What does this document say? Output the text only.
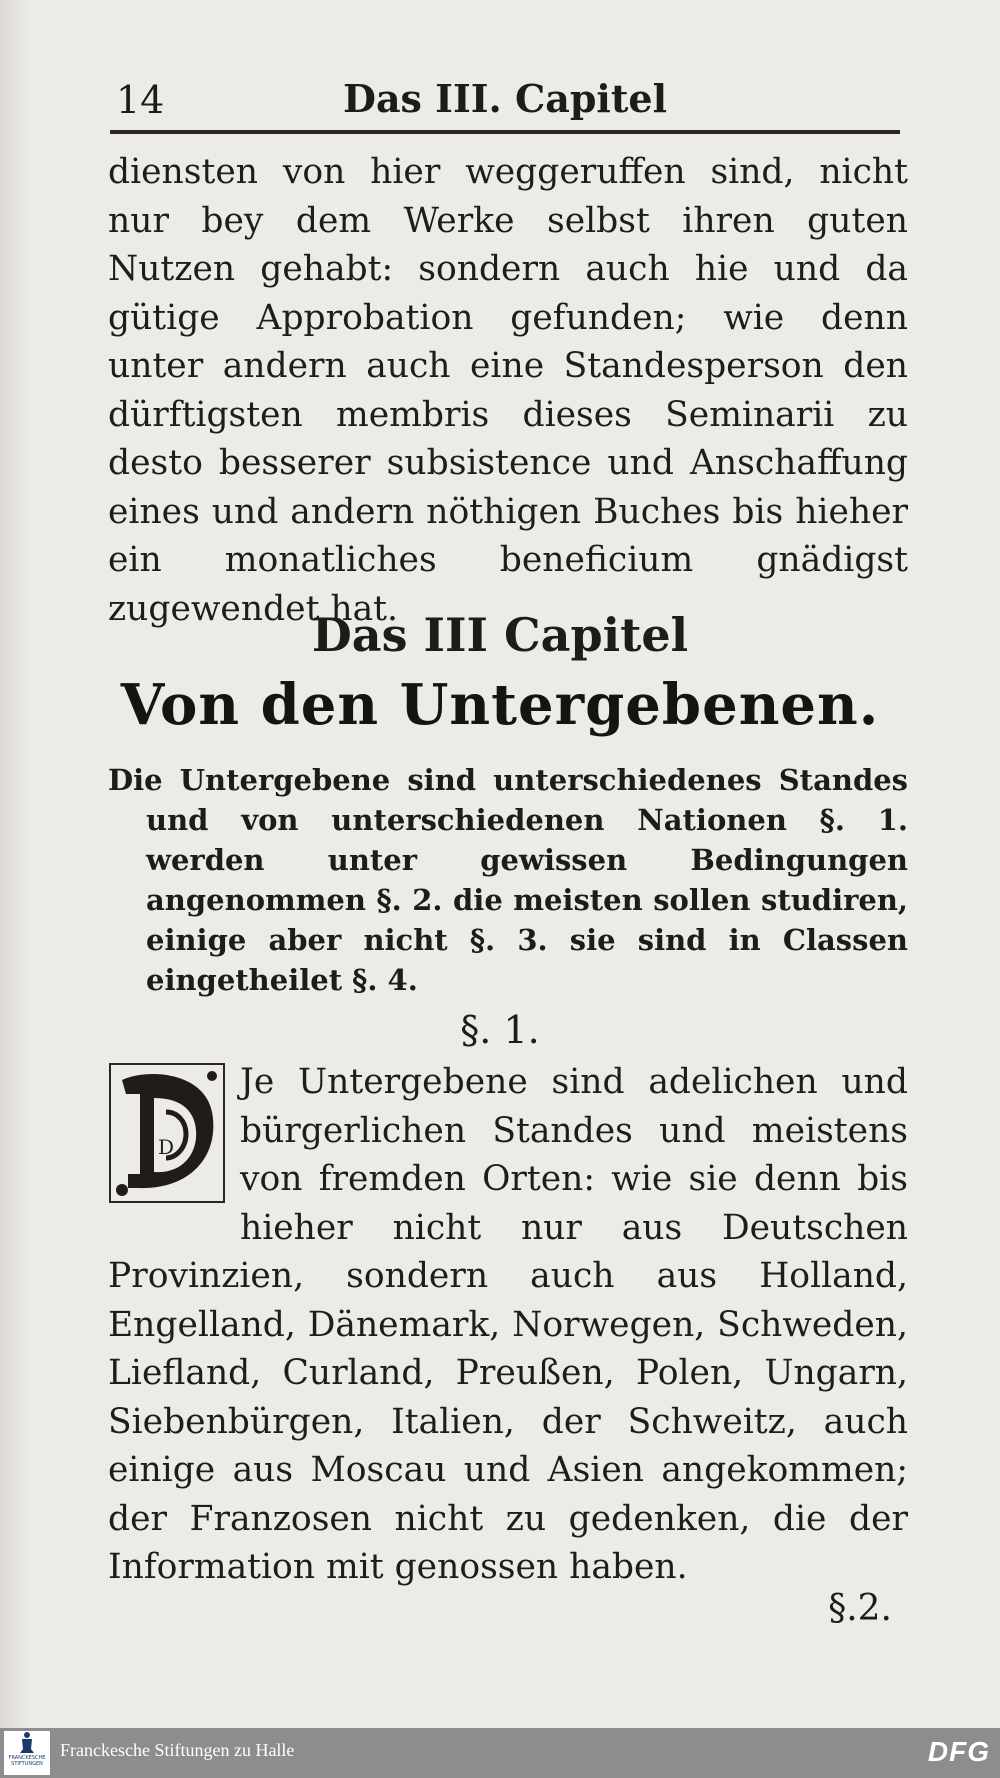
14	Das III. Capitel
diensten von hier weggeruffen sind, nicht nur bey dem Werke selbst ihren guten Nutzen gehabt: sondern auch hie und da gütige Approbation gefunden; wie denn unter andern auch eine Standesperson den dürftigsten membris dieses Seminarii zu desto besserer subsistence und Anschaffung eines und andern nöthigen Buches bis hieher ein monatliches beneficium gnädigst zugewendet hat.
Das III Capitel
Von den Untergebenen.
Die Untergebene sind unterschiedenes Standes und von unterschiedenen Nationen §. 1. werden unter gewissen Bedingungen angenommen §. 2. die meisten sollen studiren, einige aber nicht §. 3. sie sind in Classen eingetheilet §. 4.
§. 1.
D

Je Untergebene sind adelichen und bürgerlichen Standes und meistens von fremden Orten: wie sie denn bis hieher nicht nur aus Deutschen Provinzien, sondern auch aus Holland, Engelland, Dänemark, Norwegen, Schweden, Liefland, Curland, Preußen, Polen, Ungarn, Siebenbürgen, Italien, der Schweitz, auch einige aus Moscau und Asien angekommen; der Franzosen nicht zu gedenken, die der Information mit genossen haben.

§.2.
FRANCKESCHE STIFTUNGEN
Franckesche Stiftungen zu Halle	DFG
